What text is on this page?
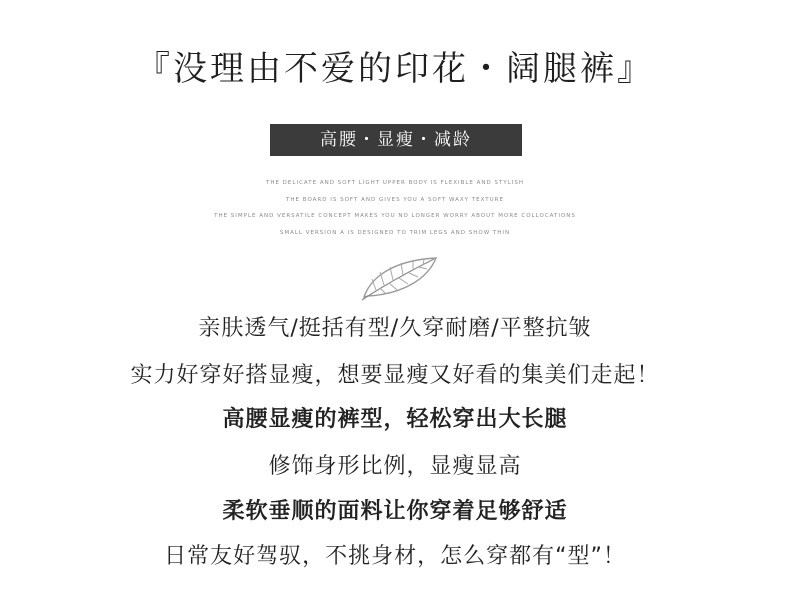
『没理由不爱的印花・阔腿裤』
高腰・显瘦・减龄
THE DELICATE AND SOFT LIGHT UPPER BODY IS FLEXIBLE AND STYLISH
THE BOARD IS SOFT AND GIVES YOU A SOFT WAXY TEXTURE
THE SIMPLE AND VERSATILE CONCEPT MAKES YOU NO LONGER WORRY ABOUT MORE COLLOCATIONS
SMALL VERSION A IS DESIGNED TO TRIM LEGS AND SHOW THIN
亲肤透气/挺括有型/久穿耐磨/平整抗皱
实力好穿好搭显瘦，想要显瘦又好看的集美们走起！
高腰显瘦的裤型，轻松穿出大长腿
修饰身形比例，显瘦显高
柔软垂顺的面料让你穿着足够舒适
日常友好驾驭，不挑身材，怎么穿都有“型”！
